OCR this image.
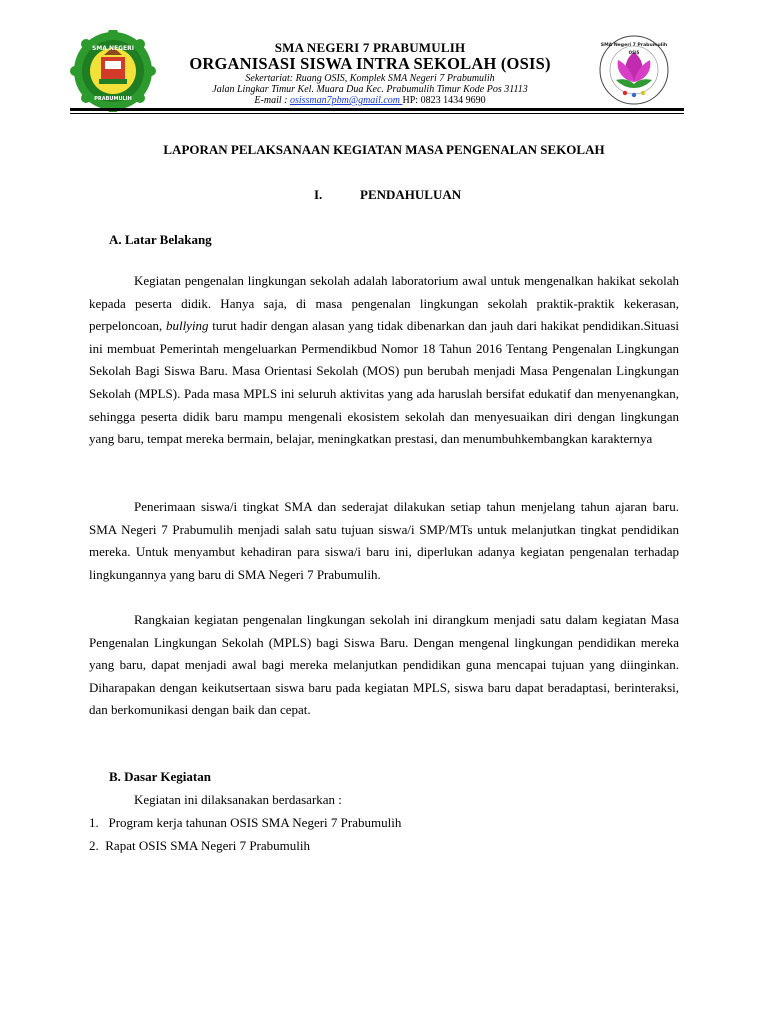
SMA NEGERI
PRABUMULIH
SMA NEGERI 7 PRABUMULIH
ORGANISASI SISWA INTRA SEKOLAH (OSIS)
Sekertariat: Ruang OSIS, Komplek SMA Negeri 7 Prabumulih
Jalan Lingkar Timur Kel. Muara Dua Kec. Prabumulih Timur Kode Pos 31113
E-mail : osissman7pbm@gmail.com HP: 0823 1434 9690
SMA Negeri 7 Prabumulih
OSIS
LAPORAN PELAKSANAAN KEGIATAN MASA PENGENALAN SEKOLAH
I.	PENDAHULUAN
A. Latar Belakang
Kegiatan pengenalan lingkungan sekolah adalah laboratorium awal untuk mengenalkan hakikat sekolah kepada peserta didik. Hanya saja, di masa pengenalan lingkungan sekolah praktik-praktik kekerasan, perpeloncoan, bullying turut hadir dengan alasan yang tidak dibenarkan dan jauh dari hakikat pendidikan.Situasi ini membuat Pemerintah mengeluarkan Permendikbud Nomor 18 Tahun 2016 Tentang Pengenalan Lingkungan Sekolah Bagi Siswa Baru. Masa Orientasi Sekolah (MOS) pun berubah menjadi Masa Pengenalan Lingkungan Sekolah (MPLS). Pada masa MPLS ini seluruh aktivitas yang ada haruslah bersifat edukatif dan menyenangkan, sehingga peserta didik baru mampu mengenali ekosistem sekolah dan menyesuaikan diri dengan lingkungan yang baru, tempat mereka bermain, belajar, meningkatkan prestasi, dan menumbuhkembangkan karakternya
Penerimaan siswa/i tingkat SMA dan sederajat dilakukan setiap tahun menjelang tahun ajaran baru. SMA Negeri 7 Prabumulih menjadi salah satu tujuan siswa/i SMP/MTs untuk melanjutkan tingkat pendidikan mereka. Untuk menyambut kehadiran para siswa/i baru ini, diperlukan adanya kegiatan pengenalan terhadap lingkungannya yang baru di SMA Negeri 7 Prabumulih.
Rangkaian kegiatan pengenalan lingkungan sekolah ini dirangkum menjadi satu dalam kegiatan Masa Pengenalan Lingkungan Sekolah (MPLS) bagi Siswa Baru. Dengan mengenal lingkungan pendidikan mereka yang baru, dapat menjadi awal bagi mereka melanjutkan pendidikan guna mencapai tujuan yang diinginkan. Diharapakan dengan keikutsertaan siswa baru pada kegiatan MPLS, siswa baru dapat beradaptasi, berinteraksi, dan berkomunikasi dengan baik dan cepat.
B. Dasar Kegiatan
Kegiatan ini dilaksanakan berdasarkan :
1. Program kerja tahunan OSIS SMA Negeri 7 Prabumulih
2. Rapat OSIS SMA Negeri 7 Prabumulih
